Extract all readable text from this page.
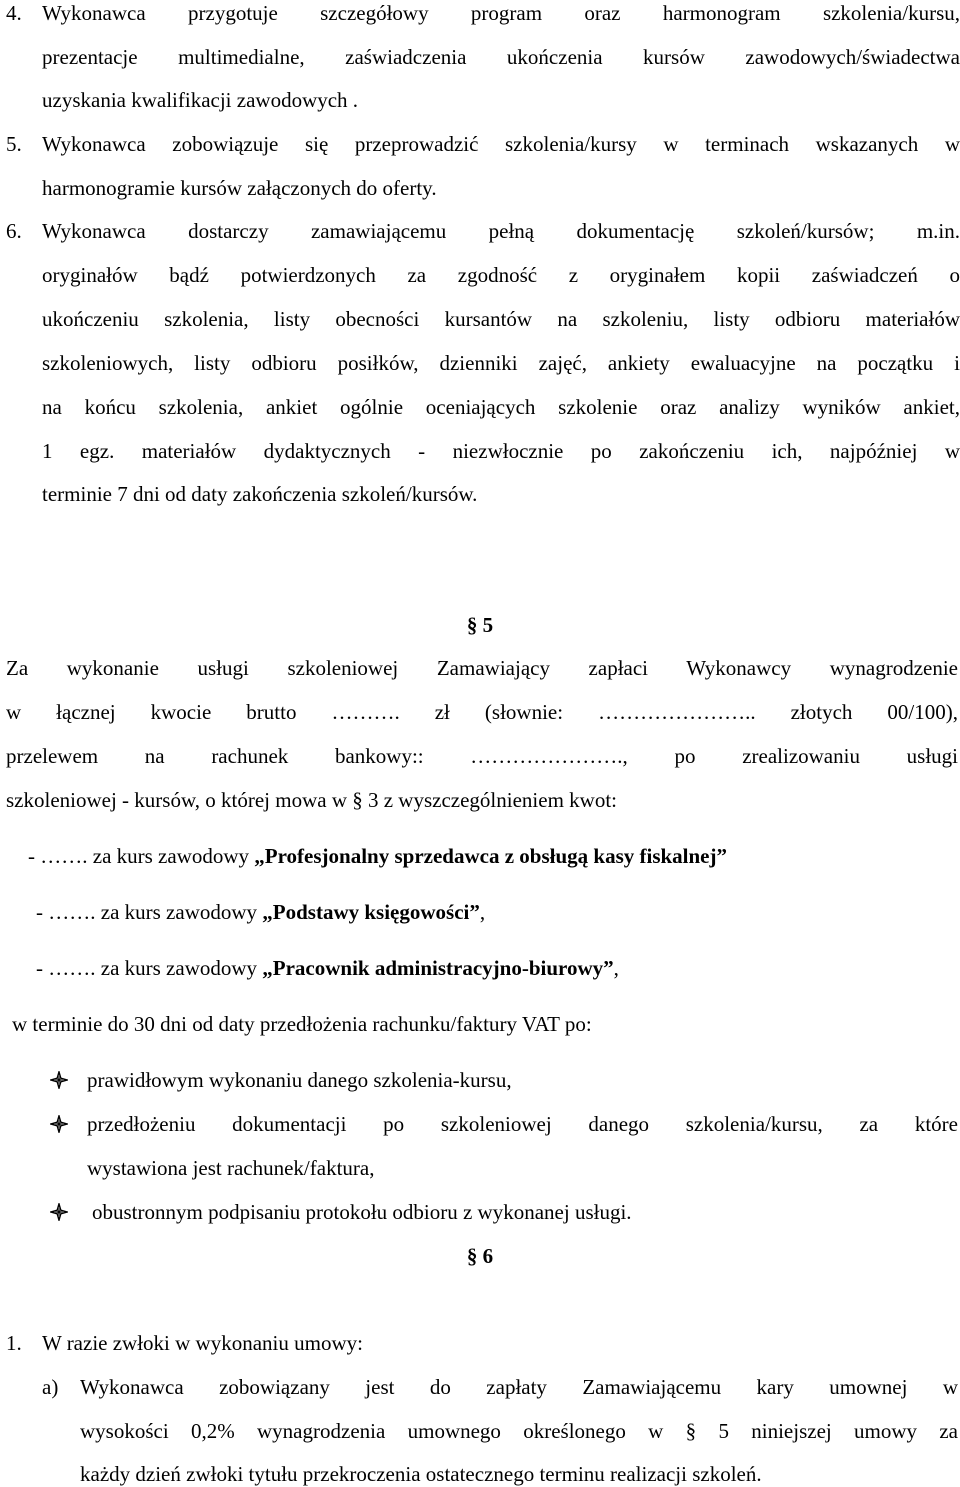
4. Wykonawca przygotuje szczegółowy program oraz harmonogram szkolenia/kursu,
prezentacje multimedialne, zaświadczenia ukończenia kursów zawodowych/świadectwa
uzyskania kwalifikacji zawodowych .
5. Wykonawca zobowiązuje się przeprowadzić szkolenia/kursy w terminach wskazanych w
harmonogramie kursów załączonych do oferty.
6. Wykonawca dostarczy zamawiającemu pełną dokumentację szkoleń/kursów; m.in.
oryginałów bądź potwierdzonych za zgodność z oryginałem kopii zaświadczeń o
ukończeniu szkolenia, listy obecności kursantów na szkoleniu, listy odbioru materiałów
szkoleniowych, listy odbioru posiłków, dzienniki zajęć, ankiety ewaluacyjne na początku i
na końcu szkolenia, ankiet ogólnie oceniających szkolenie oraz analizy wyników ankiet,
1 egz. materiałów dydaktycznych - niezwłocznie po zakończeniu ich, najpóźniej w
terminie 7 dni od daty zakończenia szkoleń/kursów.
§ 5
Za wykonanie usługi szkoleniowej Zamawiający zapłaci Wykonawcy wynagrodzenie
w łącznej kwocie brutto ………. zł (słownie: ………………….. złotych 00/100),
przelewem na rachunek bankowy:: …………………., po zrealizowaniu usługi
szkoleniowej - kursów, o której mowa w § 3 z wyszczególnieniem kwot:
- ……. za kurs zawodowy „Profesjonalny sprzedawca z obsługą kasy fiskalnej”
- ……. za kurs zawodowy „Podstawy księgowości”,
- ……. za kurs zawodowy „Pracownik administracyjno-biurowy”,
w terminie do 30 dni od daty przedłożenia rachunku/faktury VAT po:
prawidłowym wykonaniu danego szkolenia-kursu,
przedłożeniu dokumentacji po szkoleniowej danego szkolenia/kursu, za które
wystawiona jest rachunek/faktura,
obustronnym podpisaniu protokołu odbioru z wykonanej usługi.
§ 6
1. W razie zwłoki w wykonaniu umowy:
a) Wykonawca zobowiązany jest do zapłaty Zamawiającemu kary umownej w
wysokości 0,2% wynagrodzenia umownego określonego w § 5 niniejszej umowy za
każdy dzień zwłoki tytułu przekroczenia ostatecznego terminu realizacji szkoleń.
